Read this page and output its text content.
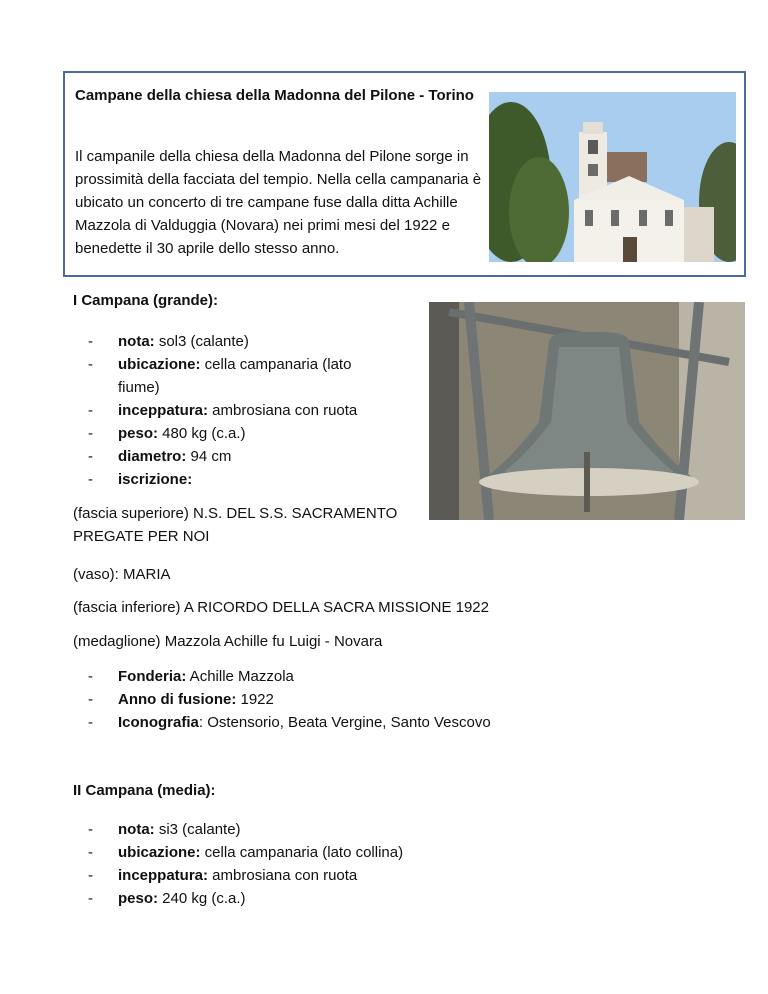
Campane della chiesa della Madonna del Pilone - Torino
Il campanile della chiesa della Madonna del Pilone sorge in prossimità della facciata del tempio. Nella cella campanaria è ubicato un concerto di tre campane fuse dalla ditta Achille Mazzola di Valduggia (Novara) nei primi mesi del 1922 e benedette il 30 aprile dello stesso anno.
I Campana (grande):
- nota: sol3 (calante)
- ubicazione: cella campanaria (lato fiume)
- inceppatura: ambrosiana con ruota
- peso: 480 kg (c.a.)
- diametro: 94 cm
- iscrizione:
(fascia superiore) N.S. DEL S.S. SACRAMENTO PREGATE PER NOI
(vaso): MARIA
(fascia inferiore) A RICORDO DELLA SACRA MISSIONE 1922
(medaglione) Mazzola Achille fu Luigi - Novara
- Fonderia: Achille Mazzola
- Anno di fusione: 1922
- Iconografia: Ostensorio, Beata Vergine, Santo Vescovo
II Campana (media):
- nota: si3 (calante)
- ubicazione: cella campanaria (lato collina)
- inceppatura: ambrosiana con ruota
- peso: 240 kg (c.a.)
